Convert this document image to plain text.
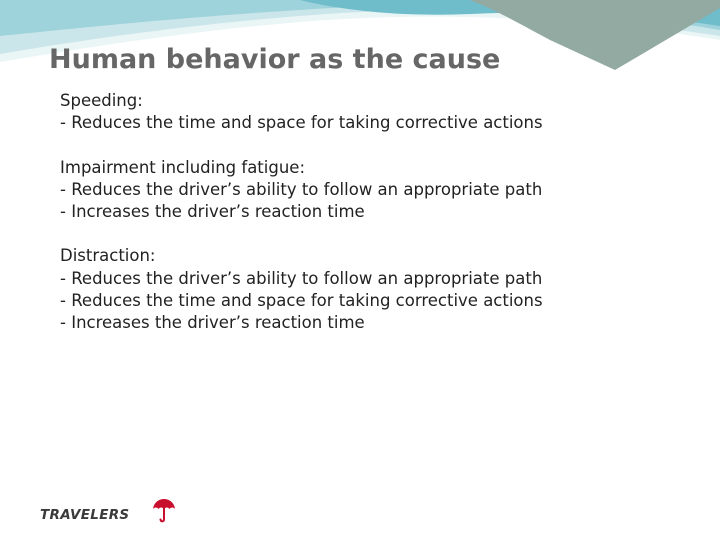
Human behavior as the cause
Speeding:
- Reduces the time and space for taking corrective actions
Impairment including fatigue:
- Reduces the driver’s ability to follow an appropriate path
- Increases the driver’s reaction time
Distraction:
- Reduces the driver’s ability to follow an appropriate path
- Reduces the time and space for taking corrective actions
- Increases the driver’s reaction time
TRAVELERS
